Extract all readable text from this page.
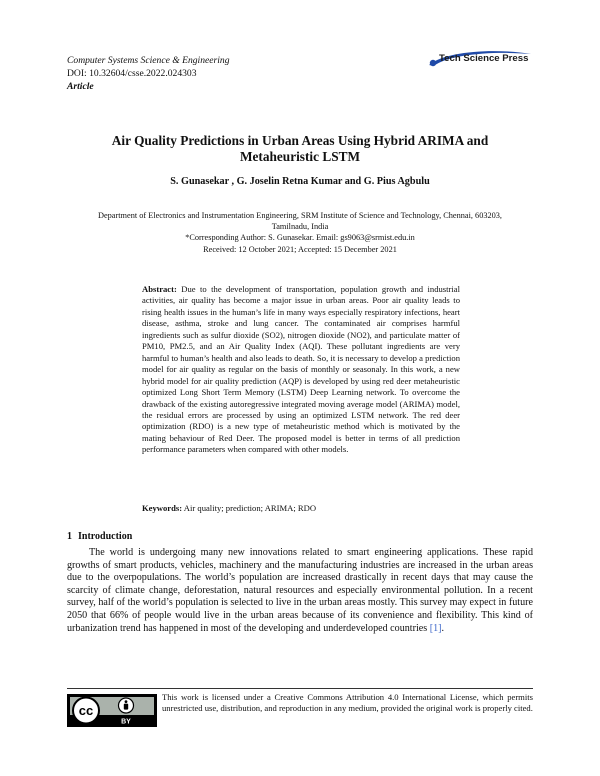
Computer Systems Science & Engineering
DOI: 10.32604/csse.2022.024303
Article
Tech Science Press
Air Quality Predictions in Urban Areas Using Hybrid ARIMA and
Metaheuristic LSTM
S. Gunasekar , G. Joselin Retna Kumar and G. Pius Agbulu
Department of Electronics and Instrumentation Engineering, SRM Institute of Science and Technology, Chennai, 603203,
Tamilnadu, India
*Corresponding Author: S. Gunasekar. Email: gs9063@srmist.edu.in
Received: 12 October 2021; Accepted: 15 December 2021
Abstract: Due to the development of transportation, population growth and industrial activities, air quality has become a major issue in urban areas. Poor air quality leads to rising health issues in the human’s life in many ways especially respiratory infections, heart disease, asthma, stroke and lung cancer. The contaminated air comprises harmful ingredients such as sulfur dioxide (SO2), nitrogen dioxide (NO2), and particulate matter of PM10, PM2.5, and an Air Quality Index (AQI). These pollutant ingredients are very harmful to human’s health and also leads to death. So, it is necessary to develop a prediction model for air quality as regular on the basis of monthly or seasonaly. In this work, a new hybrid model for air quality prediction (AQP) is developed by using red deer metaheuristic optimized Long Short Term Memory (LSTM) Deep Learning network. To overcome the drawback of the existing autoregressive integrated moving average model (ARIMA) model, the residual errors are processed by using an optimized LSTM network. The red deer optimization (RDO) is a new type of metaheuristic method which is motivated by the mating behaviour of Red Deer. The proposed model is better in terms of all prediction performance parameters when compared with other models.
Keywords: Air quality; prediction; ARIMA; RDO
1 Introduction
The world is undergoing many new innovations related to smart engineering applications. These rapid growths of smart products, vehicles, machinery and the manufacturing industries are increased in the urban areas due to the overpopulations. The world’s population are increased drastically in recent days that may cause the scarcity of climate change, deforestation, natural resources and especially environmental pollution. In a recent survey, half of the world’s population is selected to live in the urban areas mostly. This survey may expect in future 2050 that 66% of people would live in the urban areas because of its convenience and flexibility. This kind of urbanization trend has happened in most of the developing and underdeveloped countries [1].
cc
BY
This work is licensed under a Creative Commons Attribution 4.0 International License, which permits unrestricted use, distribution, and reproduction in any medium, provided the original work is properly cited.
